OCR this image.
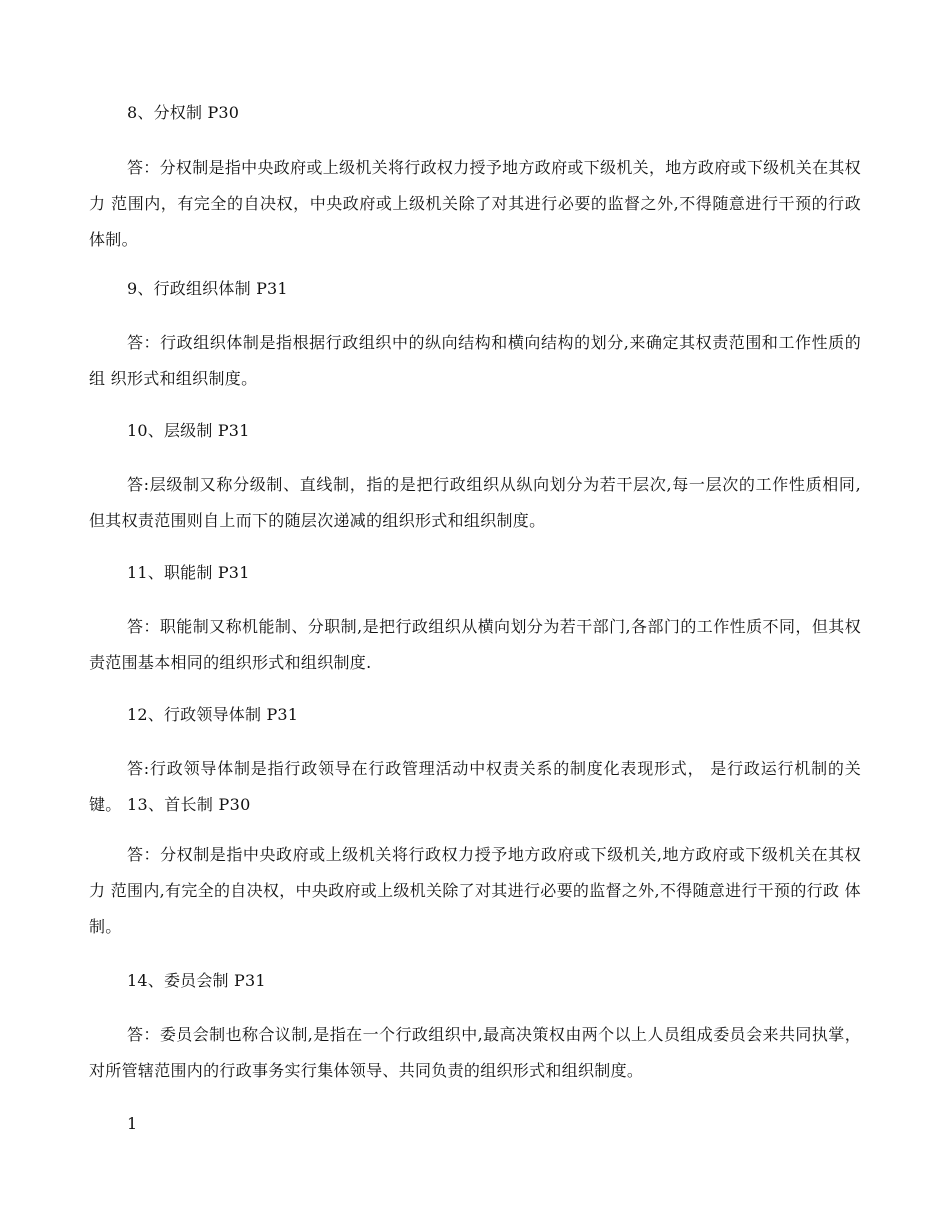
8、分权制 P30
答：分权制是指中央政府或上级机关将行政权力授予地方政府或下级机关，地方政府或下级机关在其权力 范围内，有完全的自决权，中央政府或上级机关除了对其进行必要的监督之外,不得随意进行干预的行政 体制。
9、行政组织体制 P31
答：行政组织体制是指根据行政组织中的纵向结构和横向结构的划分,来确定其权责范围和工作性质的组 织形式和组织制度。
10、层级制 P31
答:层级制又称分级制、直线制，指的是把行政组织从纵向划分为若干层次,每一层次的工作性质相同, 但其权责范围则自上而下的随层次递减的组织形式和组织制度。
11、职能制 P31
答：职能制又称机能制、分职制,是把行政组织从横向划分为若干部门,各部门的工作性质不同，但其权 责范围基本相同的组织形式和组织制度.
12、行政领导体制 P31
答:行政领导体制是指行政领导在行政管理活动中权责关系的制度化表现形式， 是行政运行机制的关键。 13、首长制 P30
答：分权制是指中央政府或上级机关将行政权力授予地方政府或下级机关,地方政府或下级机关在其权力 范围内,有完全的自决权，中央政府或上级机关除了对其进行必要的监督之外,不得随意进行干预的行政 体制。
14、委员会制 P31
答：委员会制也称合议制,是指在一个行政组织中,最高决策权由两个以上人员组成委员会来共同执掌， 对所管辖范围内的行政事务实行集体领导、共同负责的组织形式和组织制度。
1
